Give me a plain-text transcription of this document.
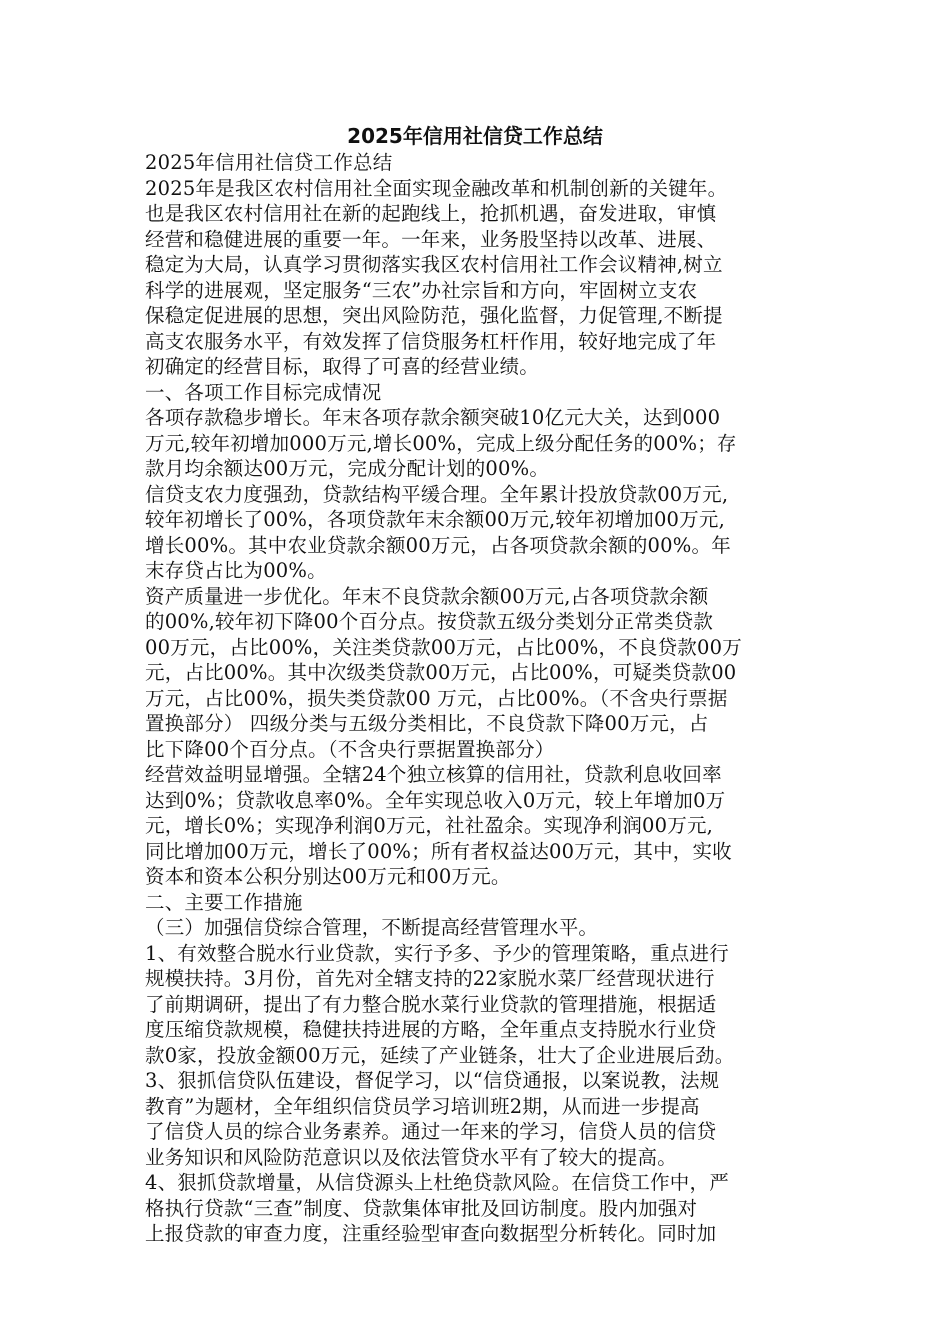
2025年信用社信贷工作总结
2025年信用社信贷工作总结
2025年是我区农村信用社全面实现金融改革和机制创新的关键年。
也是我区农村信用社在新的起跑线上，抢抓机遇，奋发进取，审慎
经营和稳健进展的重要一年。一年来，业务股坚持以改革、进展、
稳定为大局，认真学习贯彻落实我区农村信用社工作会议精神,树立
科学的进展观，坚定服务“三农”办社宗旨和方向，牢固树立支农
保稳定促进展的思想，突出风险防范，强化监督，力促管理,不断提
高支农服务水平，有效发挥了信贷服务杠杆作用，较好地完成了年
初确定的经营目标，取得了可喜的经营业绩。
一、各项工作目标完成情况
各项存款稳步增长。年末各项存款余额突破10亿元大关，达到000
万元,较年初增加000万元,增长00%，完成上级分配任务的00%；存
款月均余额达00万元，完成分配计划的00%。
信贷支农力度强劲，贷款结构平缓合理。全年累计投放贷款00万元,
较年初增长了00%，各项贷款年末余额00万元,较年初增加00万元,
增长00%。其中农业贷款余额00万元，占各项贷款余额的00%。年
末存贷占比为00%。
资产质量进一步优化。年末不良贷款余额00万元,占各项贷款余额
的00%,较年初下降00个百分点。按贷款五级分类划分正常类贷款
00万元，占比00%，关注类贷款00万元，占比00%，不良贷款00万
元，占比00%。其中次级类贷款00万元，占比00%，可疑类贷款00
万元，占比00%，损失类贷款00 万元，占比00%。（不含央行票据
置换部分） 四级分类与五级分类相比，不良贷款下降00万元，占
比下降00个百分点。（不含央行票据置换部分）
经营效益明显增强。全辖24个独立核算的信用社，贷款利息收回率
达到0%；贷款收息率0%。全年实现总收入0万元，较上年增加0万
元，增长0%；实现净利润0万元，社社盈余。实现净利润00万元,
同比增加00万元，增长了00%；所有者权益达00万元，其中，实收
资本和资本公积分别达00万元和00万元。
二、主要工作措施
（三）加强信贷综合管理，不断提高经营管理水平。
1、有效整合脱水行业贷款，实行予多、予少的管理策略，重点进行
规模扶持。3月份，首先对全辖支持的22家脱水菜厂经营现状进行
了前期调研，提出了有力整合脱水菜行业贷款的管理措施，根据适
度压缩贷款规模，稳健扶持进展的方略，全年重点支持脱水行业贷
款0家，投放金额00万元，延续了产业链条，壮大了企业进展后劲。
3、狠抓信贷队伍建设，督促学习，以“信贷通报，以案说教，法规
教育”为题材，全年组织信贷员学习培训班2期，从而进一步提高
了信贷人员的综合业务素养。通过一年来的学习，信贷人员的信贷
业务知识和风险防范意识以及依法管贷水平有了较大的提高。
4、狠抓贷款增量，从信贷源头上杜绝贷款风险。在信贷工作中，严
格执行贷款“三查”制度、贷款集体审批及回访制度。股内加强对
上报贷款的审查力度，注重经验型审查向数据型分析转化。同时加
